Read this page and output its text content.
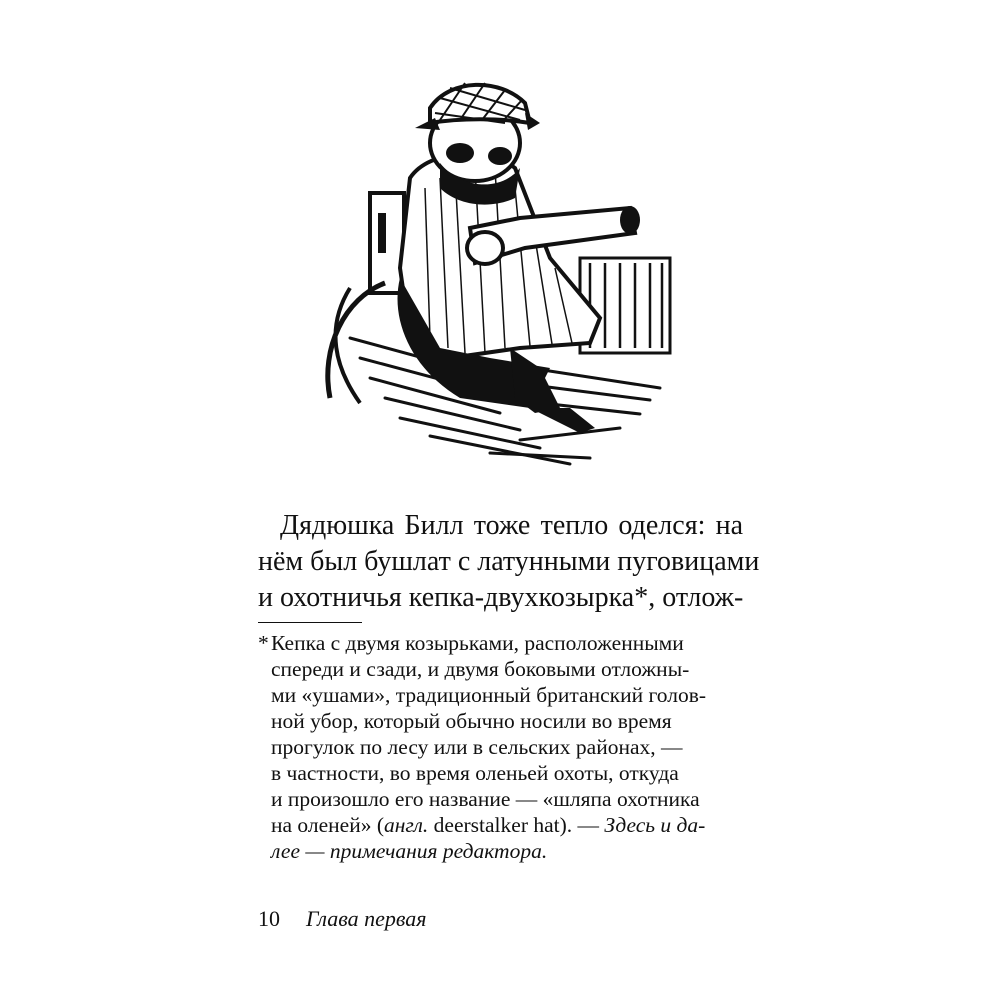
Дядюшка Билл тоже тепло оделся: на
нём был бушлат с латунными пуговицами
и охотничья кепка-двухкозырка*, отлож-
* Кепка с двумя козырьками, расположенными
спереди и сзади, и двумя боковыми отложны-
ми «ушами», традиционный британский голов-
ной убор, который обычно носили во время
прогулок по лесу или в сельских районах, —
в частности, во время оленьей охоты, откуда
и произошло его название — «шляпа охотника
на оленей» (англ. deerstalker hat). — Здесь и да-
лее — примечания редактора.
10 Глава первая
